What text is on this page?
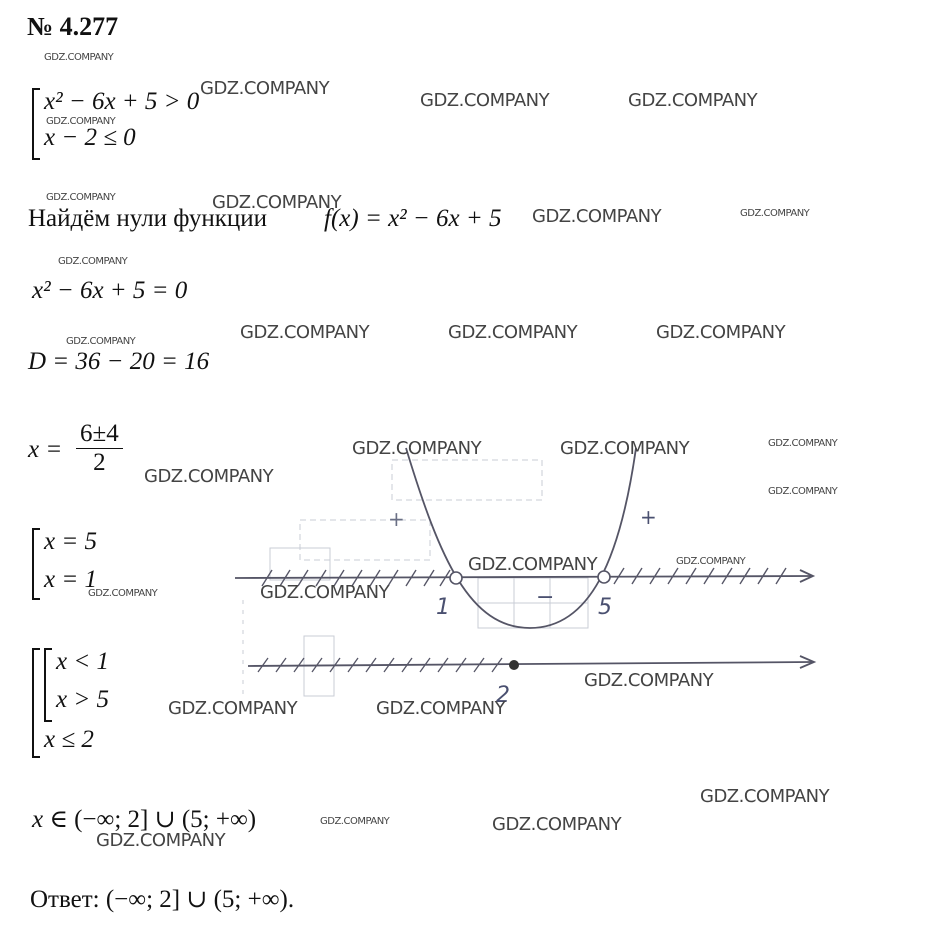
1	5
2
+
−
+
№ 4.277
x² − 6x + 5 > 0
x − 2 ≤ 0
Найдём нули функции f(x) = x² − 6x + 5
x² − 6x + 5 = 0
D = 36 − 20 = 16
$x = \frac{6\pm 4}{2}$
x = 5
x = 1
x < 1
x > 5
x ≤ 2
x ∈ (−∞; 2] ∪ (5; +∞)
Ответ: (−∞; 2] ∪ (5; +∞).
GDZ.COMPANY
GDZ.COMPANY
GDZ.COMPANY	GDZ.COMPANY
GDZ.COMPANY
GDZ.COMPANY	GDZ.COMPANY
GDZ.COMPANY	GDZ.COMPANY
GDZ.COMPANY
GDZ.COMPANY	GDZ.COMPANY	GDZ.COMPANY
GDZ.COMPANY
GDZ.COMPANY	GDZ.COMPANY	GDZ.COMPANY
GDZ.COMPANY
GDZ.COMPANY
GDZ.COMPANY	GDZ.COMPANY
GDZ.COMPANY
GDZ.COMPANY
GDZ.COMPANY
GDZ.COMPANY	GDZ.COMPANY
GDZ.COMPANY
GDZ.COMPANY	GDZ.COMPANY
GDZ.COMPANY
